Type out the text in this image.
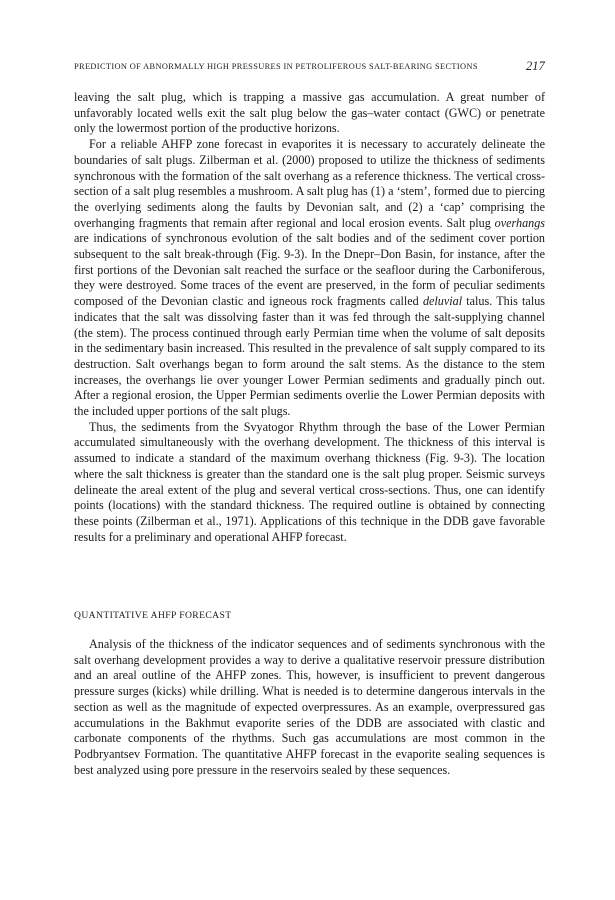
PREDICTION OF ABNORMALLY HIGH PRESSURES IN PETROLIFEROUS SALT-BEARING SECTIONS	217

leaving the salt plug, which is trapping a massive gas accumulation. A great number of unfavorably located wells exit the salt plug below the gas–water contact (GWC) or penetrate only the lowermost portion of the productive horizons.

For a reliable AHFP zone forecast in evaporites it is necessary to accurately delineate the boundaries of salt plugs. Zilberman et al. (2000) proposed to utilize the thickness of sediments synchronous with the formation of the salt overhang as a reference thickness. The vertical cross-section of a salt plug resembles a mushroom. A salt plug has (1) a ‘stem’, formed due to piercing the overlying sediments along the faults by Devonian salt, and (2) a ‘cap’ comprising the overhanging fragments that remain after regional and local erosion events. Salt plug overhangs are indications of synchronous evolution of the salt bodies and of the sediment cover portion subsequent to the salt break-through (Fig. 9-3). In the Dnepr–Don Basin, for instance, after the first portions of the Devonian salt reached the surface or the seafloor during the Carboniferous, they were destroyed. Some traces of the event are preserved, in the form of peculiar sediments composed of the Devonian clastic and igneous rock fragments called deluvial talus. This talus indicates that the salt was dissolving faster than it was fed through the salt-supplying channel (the stem). The process continued through early Permian time when the volume of salt deposits in the sedimentary basin increased. This resulted in the prevalence of salt supply compared to its destruction. Salt overhangs began to form around the salt stems. As the distance to the stem increases, the overhangs lie over younger Lower Permian sediments and gradually pinch out. After a regional erosion, the Upper Permian sediments overlie the Lower Permian deposits with the included upper portions of the salt plugs.

Thus, the sediments from the Svyatogor Rhythm through the base of the Lower Permian accumulated simultaneously with the overhang development. The thickness of this interval is assumed to indicate a standard of the maximum overhang thickness (Fig. 9-3). The location where the salt thickness is greater than the standard one is the salt plug proper. Seismic surveys delineate the areal extent of the plug and several vertical cross-sections. Thus, one can identify points (locations) with the standard thickness. The required outline is obtained by connecting these points (Zilberman et al., 1971). Applications of this technique in the DDB gave favorable results for a preliminary and operational AHFP forecast.

QUANTITATIVE AHFP FORECAST

Analysis of the thickness of the indicator sequences and of sediments synchronous with the salt overhang development provides a way to derive a qualitative reservoir pressure distribution and an areal outline of the AHFP zones. This, however, is insufficient to prevent dangerous pressure surges (kicks) while drilling. What is needed is to determine dangerous intervals in the section as well as the magnitude of expected overpressures. As an example, overpressured gas accumulations in the Bakhmut evaporite series of the DDB are associated with clastic and carbonate components of the rhythms. Such gas accumulations are most common in the Podbryantsev Formation. The quantitative AHFP forecast in the evaporite sealing sequences is best analyzed using pore pressure in the reservoirs sealed by these sequences.
